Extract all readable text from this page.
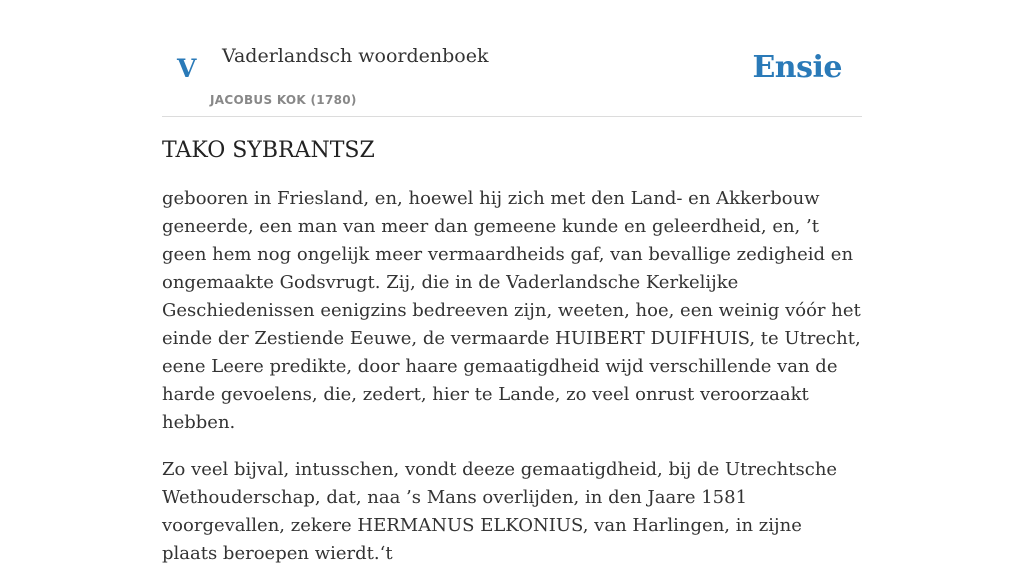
V Vaderlandsch woordenboek
JACOBUS KOK (1780)
Ensie
TAKO SYBRANTSZ

gebooren in Friesland, en, hoewel hij zich met den Land- en Akkerbouw geneerde, een man van meer dan gemeene kunde en geleerdheid, en, ’t geen hem nog ongelijk meer vermaardheids gaf, van bevallige zedigheid en ongemaakte Godsvrugt. Zij, die in de Vaderlandsche Kerkelijke Geschiedenissen eenigzins bedreeven zijn, weeten, hoe, een weinig vóór het einde der Zestiende Eeuwe, de vermaarde HUIBERT DUIFHUIS, te Utrecht, eene Leere predikte, door haare gemaatigdheid wijd verschillende van de harde gevoelens, die, zedert, hier te Lande, zo veel onrust veroorzaakt hebben.

Zo veel bijval, intusschen, vondt deeze gemaatigdheid, bij de Utrechtsche Wethouderschap, dat, naa ’s Mans overlijden, in den Jaare 1581 voorgevallen, zekere HERMANUS ELKONIUS, van Harlingen, in zijne plaats beroepen wierdt.‘t
